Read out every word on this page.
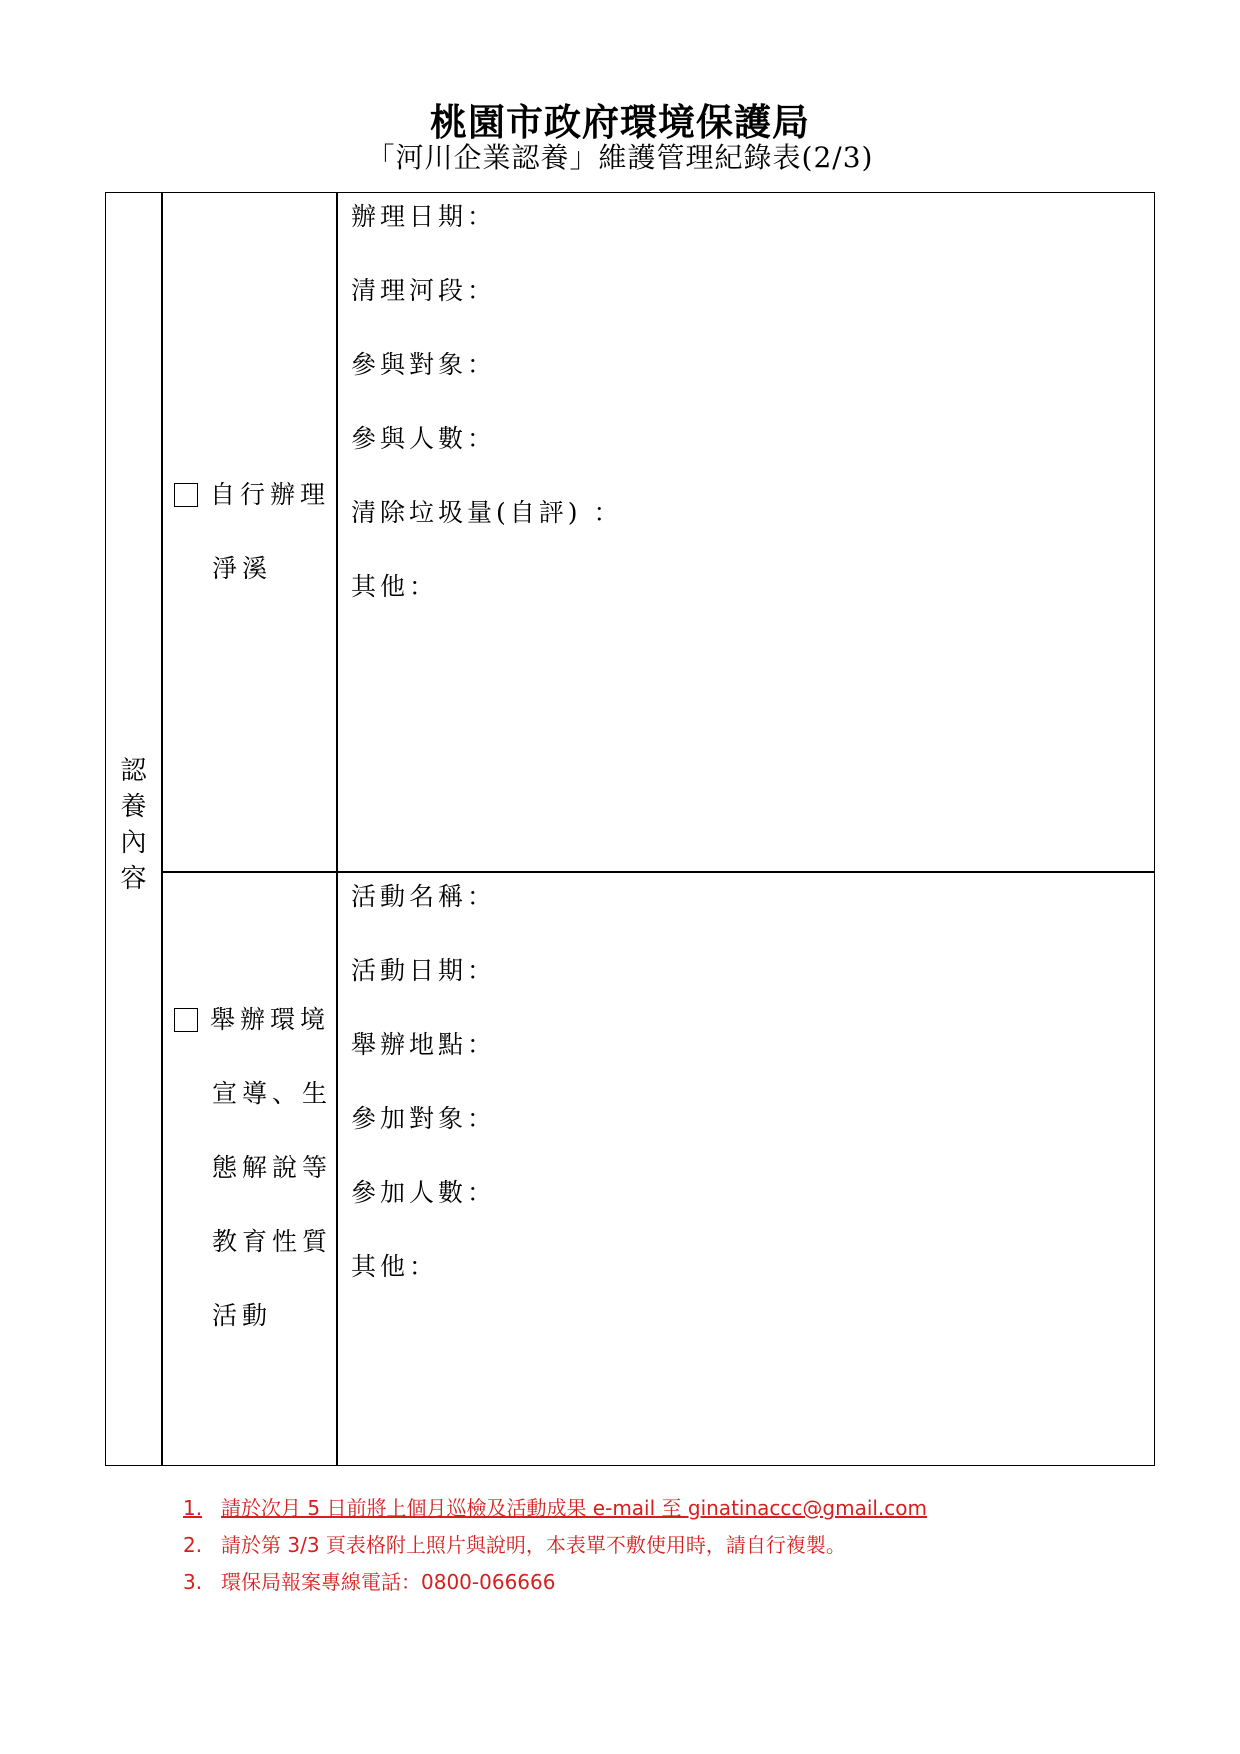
桃園市政府環境保護局
「河川企業認養」維護管理紀錄表(2/3)
認
養
內
容
自行辦理
淨溪
辦理日期：
清理河段：
參與對象：
參與人數：
清除垃圾量(自評) ：
其他：
舉辦環境
宣導、生
態解說等
教育性質
活動
活動名稱：
活動日期：
舉辦地點：
參加對象：
參加人數：
其他：
1. 請於次月 5 日前將上個月巡檢及活動成果 e-mail 至 ginatinaccc@gmail.com
2. 請於第 3/3 頁表格附上照片與說明，本表單不敷使用時，請自行複製。
3. 環保局報案專線電話：0800-066666
